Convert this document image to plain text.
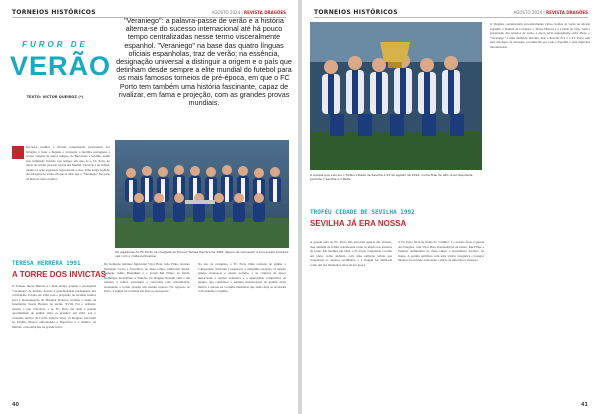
TORNEIOS HISTÓRICOS	AGOSTO 2024 | REVISTA DRAGÕES
FUROR DE
VERÃO
TEXTO: VÍCTOR QUEIROZ (*)
"Veraniego": a palavra-passe de verão e a história alterna-se do sucesso internacional até há pouco tempo centralizadas nesse termo visceralmente espanhol. "Veraniego" na base das quatro línguas oficiais espanholas, traz de verão; na essência, designação universal a distinguir a origem e o país que detinham desde sempre a elite mundial do futebol para os mais famosos torneios de pré-época, em que o FC Porto tem também uma história fascinante, capaz de rivalizar, em fama e projeção, com as grandes provas mundiais.
Recordar triunfos e vitórias conquistadas particulares dos Dragões é fazer a higiene e recuperar a mobília portuguesa e revivo viagens de outros tempos, de Barcelona a Sevilha, assim este intitulado Torneio nos tempos em que, se o FC Porto no início do século passado vencia em Madrid, Varsóvia e na Galiza, quanto os seus jogadores regressaram a casa. Uma longa tradição dos Dragões no verão em que se diria que o "Veraniego" faz parte da história azul e branca.
Os jogadores do FC Porto na chegada ao Torneio Teresa Herrera de 1991 depois de vencerem a prova pela primeira vez com o clube portuense.
TERESA HERRERA 1991
A TORRE DOS INVICTAS
O Torneio Teresa Herrera é a mais antiga, popular e prestigiada "veraniega" de mundo, devido à grandiosidade permanente das convidadas. Criado em 1946 com o propósito de recolher fundos para a modernização do Hospital Dolores, recebeu o nome da benemérita Teresa Herrera do século XVIII. Foi o primeiro torneio a que concorria, e ao FC Porto foi dada a grande oportunidade de ganhar entre os grandes: em 1991, sob o comando técnico de Carlos Alberto Silva, os Dragões venceram no Estádio Riazor, enfrentando o Deportivo e o Atlético de Madrid, com exibições de grande nível.
Da formação habitual figuravam Vítor Baía, João Pinto, Aloísio, Fernando Couto e Secretário; no meio-campo brilhavam André, Semedo, Jaime Magalhães e o jovem Rui Filipe; na frente, Domingos, Kostadinov e Timofte. Os Dragões fizeram vinte e um remates à baliza adversária e venceram com naturalidade, levantando o troféu perante um estádio repleto. No regresso ao Porto, a equipa foi recebida em festa no Aeroporto.
No ano da conquista, o FC Porto tinha acabado de ganhar o Campeonato Nacional e preparava a campanha europeia. O torneio galego revelou-se o ensaio perfeito, e as crónicas da época destacaram a solidez defensiva e a maturidade competitiva da equipa, que confirmou o estatuto internacional de grande clube ibérico e deixou na Corunha memórias que ainda hoje se recordam com saudade e orgulho.
40
TORNEIOS HISTÓRICOS	AGOSTO 2024 | REVISTA DRAGÕES
A equipa que venceu o Troféu Cidade de Sevilha a 23 de agosto de 1992, numa final de alto nível disputada perante o Sevilha e o Betis.
TROFÉU CIDADE DE SEVILHA 1992
SEVILHA JÁ ERA NOSSA
A grande aura do FC Porto não decorreu apenas das vitórias, mas também da forma convincente como se impôs nos torneios de verão. Em Sevilha, em 1992, o FC Porto conquistou o troféu em pleno verão andaluz, com uma exibição sólida que conquistou os adeptos sevilhanos, e a viagem foi lembrada como um dos momentos altos da pré-época.
O FC Porto ficou na frente do "vizinho" e o torneio ficou à guarda dos Dragões, com Vítor Baía irrepreensível na baliza, Rui Filipe e Semedo dominantes no meio-campo e Kostadinov decisivo na frente. A partida terminou com uma vitória categórica e festejos intensos no relvado, marcando o início de uma época vitoriosa.
O Dragões conquistaram sucessivamente vários troféus de verão na década seguinte: o Ramón de Carranza, o Teresa Herrera e o Cidade de Vigo. Sem a preparação dos torneios de verão, a época seria seguramente outra. Hoje, o "Veraniego" é uma memória distante, mas a história fica e o FC Porto tem nela um lugar de destaque, reconhecido por toda a Espanha e pela imprensa internacional.
41
